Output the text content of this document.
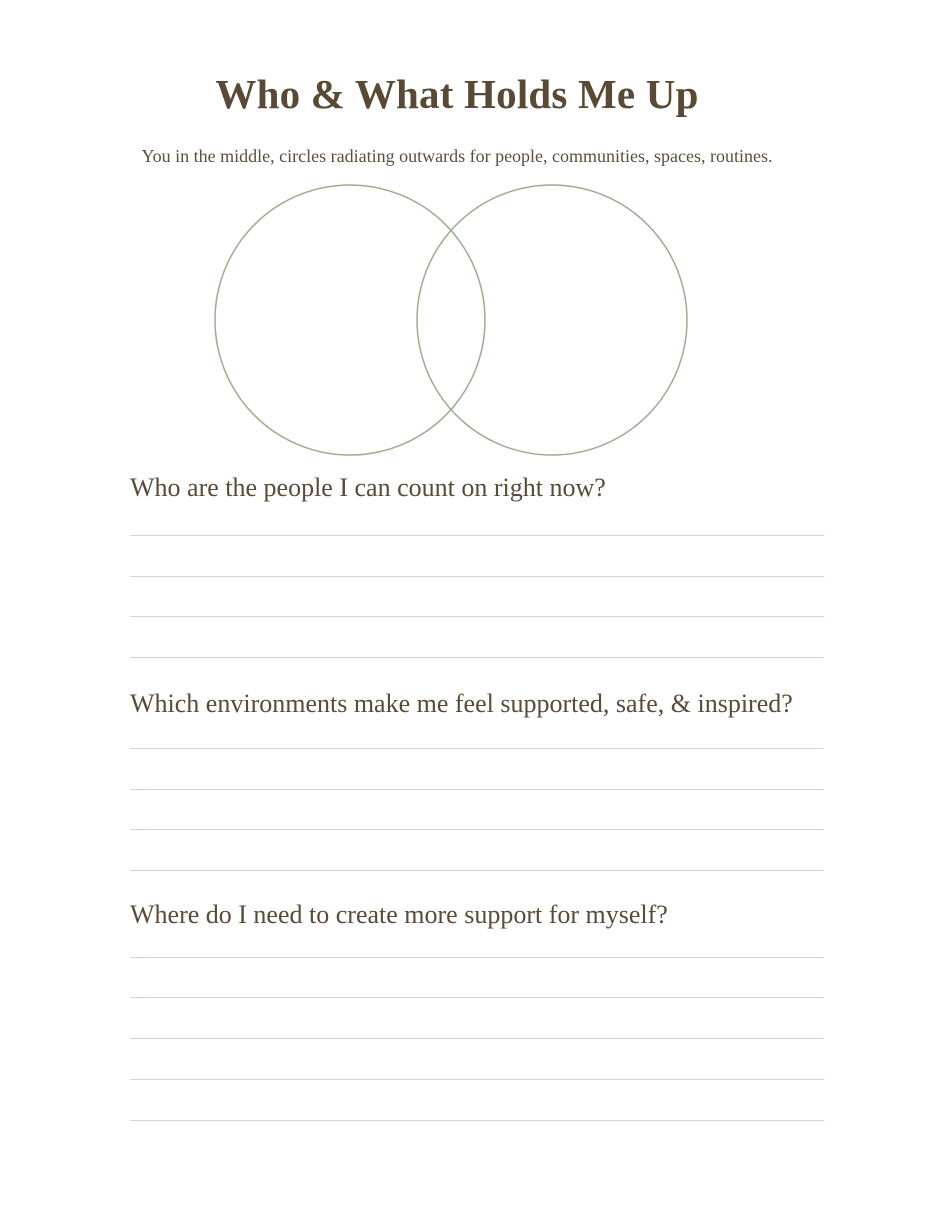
Who & What Holds Me Up

You in the middle, circles radiating outwards for people, communities, spaces, routines.

Who are the people I can count on right now?

Which environments make me feel supported, safe, & inspired?

Where do I need to create more support for myself?
